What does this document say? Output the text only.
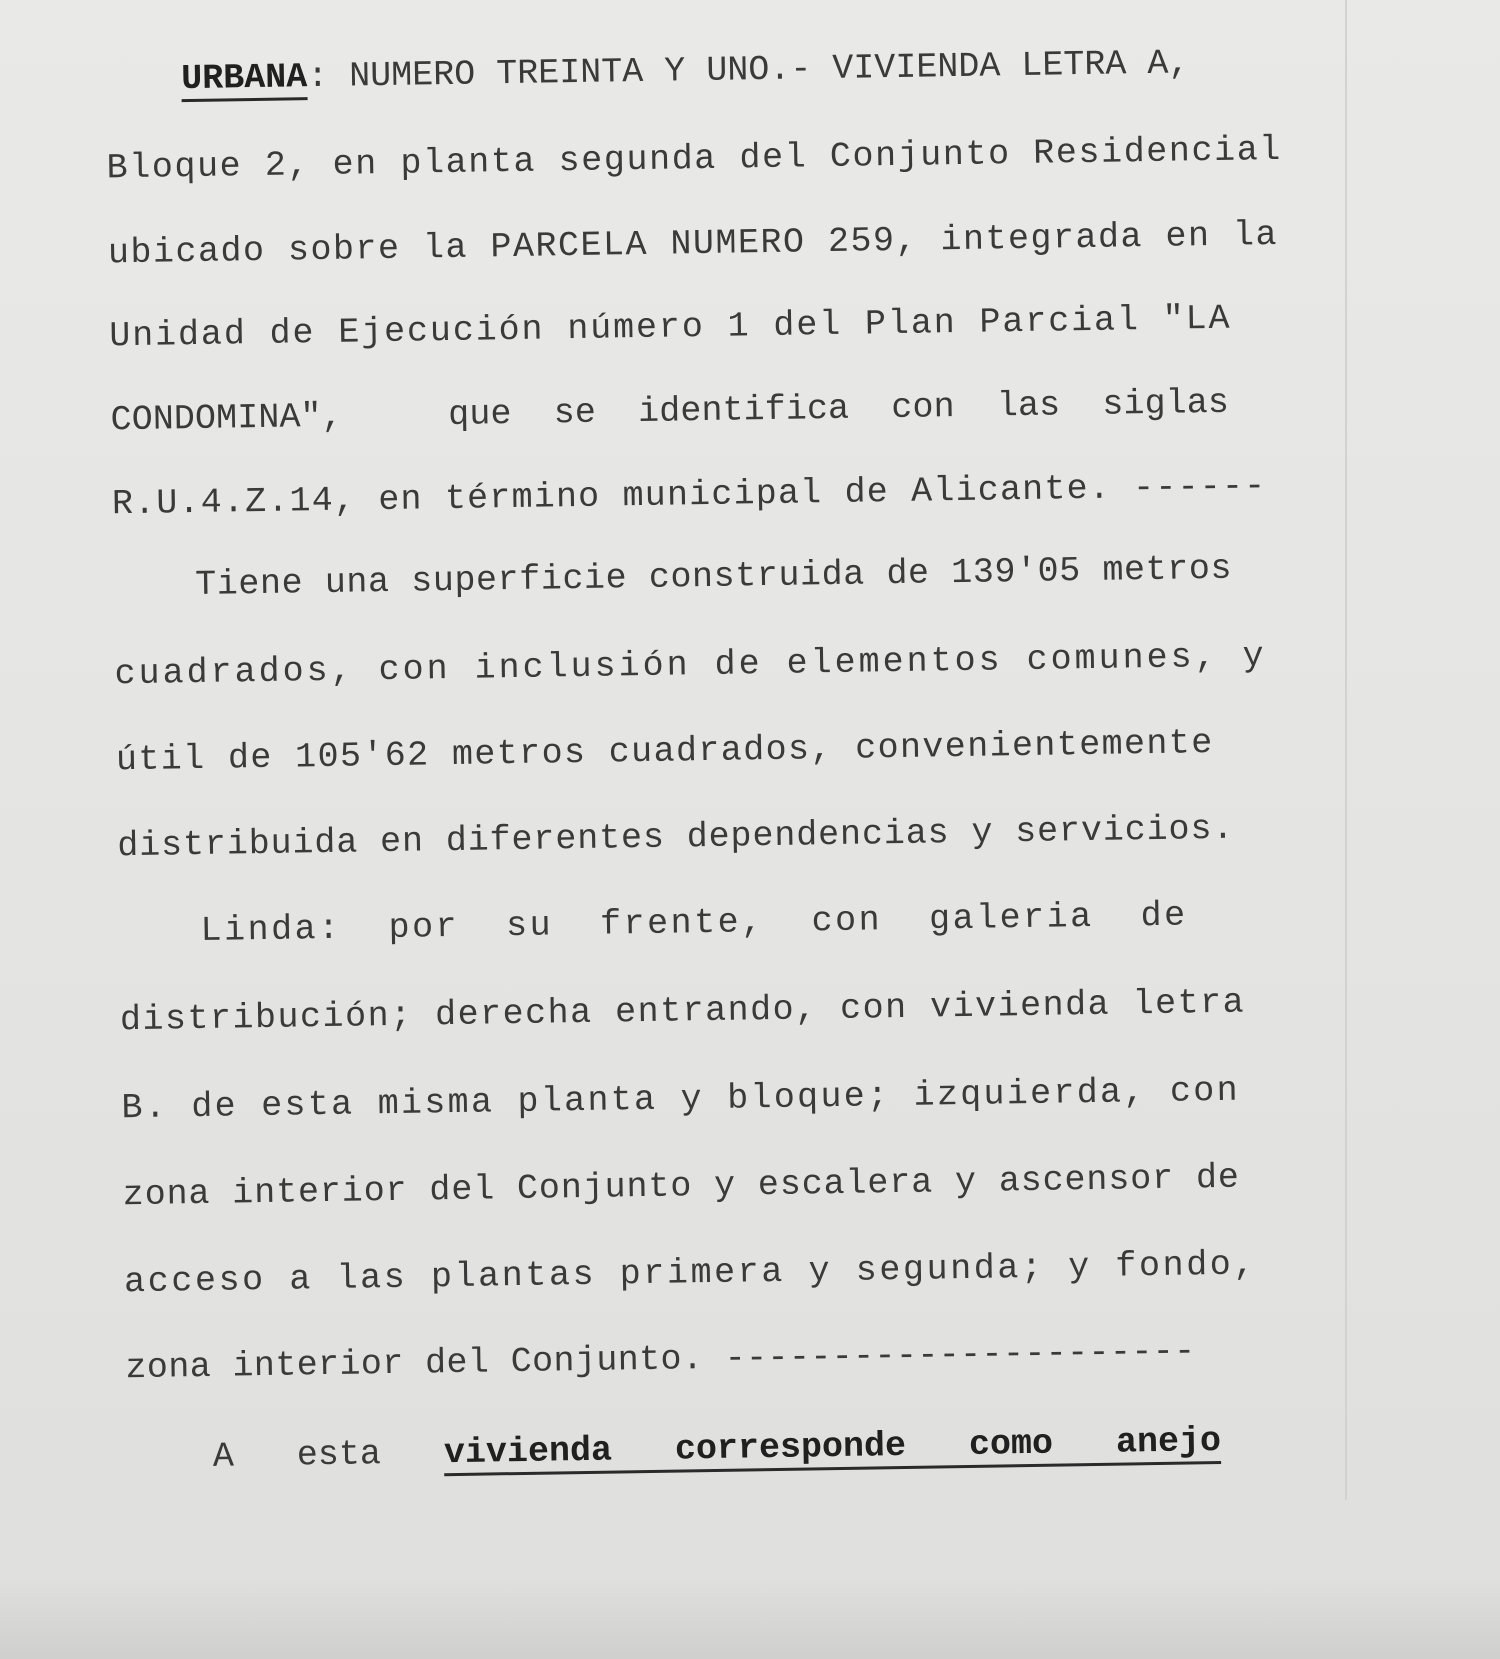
URBANA: NUMERO TREINTA Y UNO.- VIVIENDA LETRA A,
Bloque 2, en planta segunda del Conjunto Residencial
ubicado sobre la PARCELA NUMERO 259, integrada en la
Unidad de Ejecución número 1 del Plan Parcial "LA
CONDOMINA",     que  se  identifica  con  las  siglas
R.U.4.Z.14, en término municipal de Alicante. ------
Tiene una superficie construida de 139'05 metros
cuadrados, con inclusión de elementos comunes, y
útil de 105'62 metros cuadrados, convenientemente
distribuida en diferentes dependencias y servicios.
Linda:  por  su  frente,  con  galeria  de
distribución; derecha entrando, con vivienda letra
B. de esta misma planta y bloque; izquierda, con
zona interior del Conjunto y escalera y ascensor de
acceso a las plantas primera y segunda; y fondo,
zona interior del Conjunto. ----------------------
A   esta   vivienda   corresponde   como   anejo
